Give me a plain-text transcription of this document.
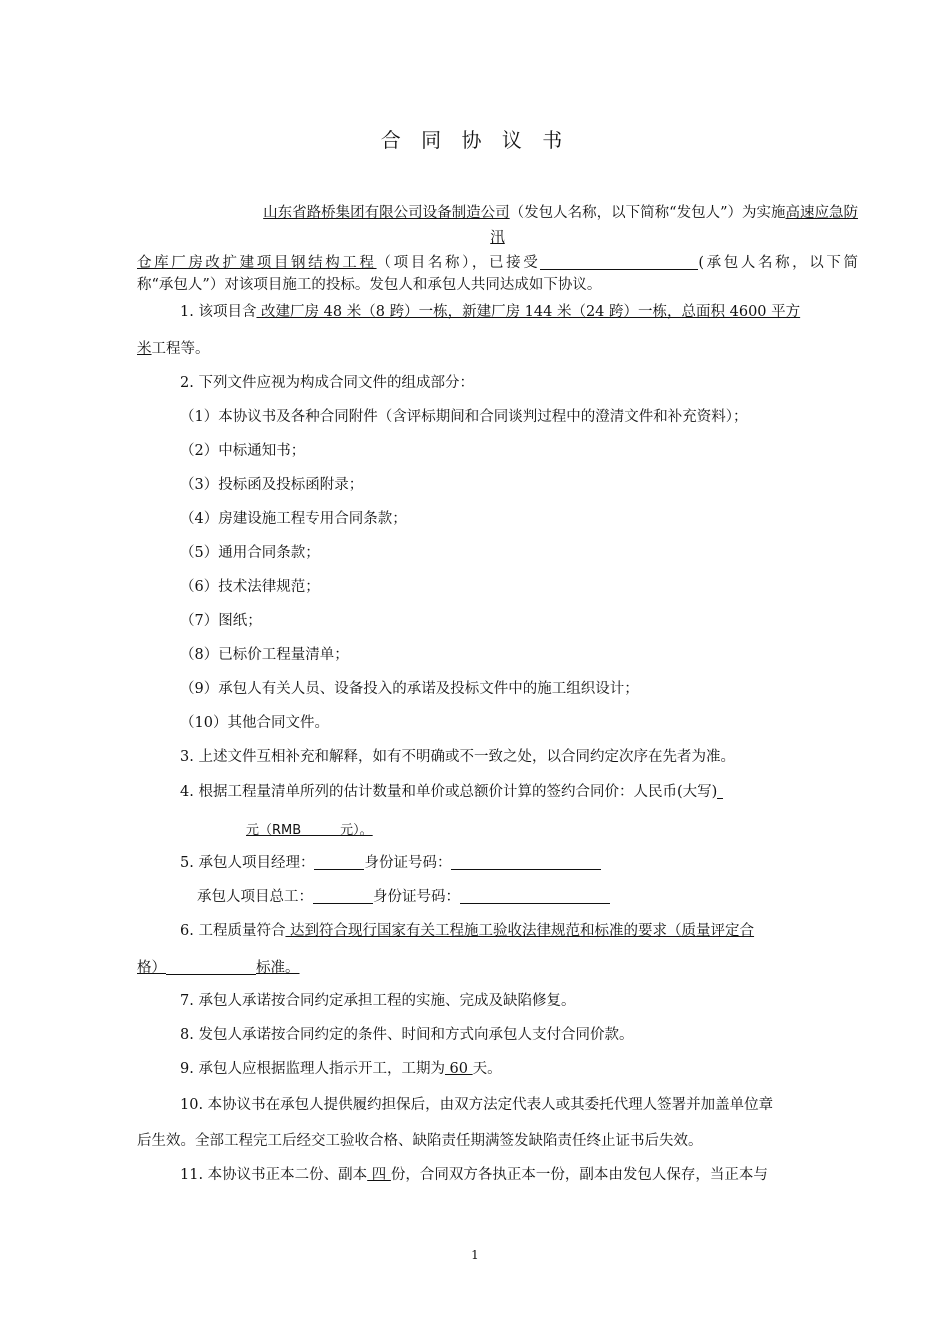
合 同 协 议 书
山东省路桥集团有限公司设备制造公司（发包人名称，以下简称“发包人”）为实施高速应急防
汛
仓库厂房改扩建项目钢结构工程（项目名称），已接受	(承包人名称，以下简
称“承包人”）对该项目施工的投标。发包人和承包人共同达成如下协议。
1. 该项目含 改建厂房 48 米（8 跨）一栋，新建厂房 144 米（24 跨）一栋，总面积 4600 平方
米工程等。
2. 下列文件应视为构成合同文件的组成部分：
（1）本协议书及各种合同附件（含评标期间和合同谈判过程中的澄清文件和补充资料）；
（2）中标通知书；
（3）投标函及投标函附录；
（4）房建设施工程专用合同条款；
（5）通用合同条款；
（6）技术法律规范；
（7）图纸；
（8）已标价工程量清单；
（9）承包人有关人员、设备投入的承诺及投标文件中的施工组织设计；
（10）其他合同文件。
3. 上述文件互相补充和解释，如有不明确或不一致之处，以合同约定次序在先者为准。
4. 根据工程量清单所列的估计数量和单价或总额价计算的签约合同价：人民币(大写)
元（RMB　　　元）。
5. 承包人项目经理：	身份证号码：
承包人项目总工：	身份证号码：
6. 工程质量符合 达到符合现行国家有关工程施工验收法律规范和标准的要求（质量评定合
格）	标准。
7. 承包人承诺按合同约定承担工程的实施、完成及缺陷修复。
8. 发包人承诺按合同约定的条件、时间和方式向承包人支付合同价款。
9. 承包人应根据监理人指示开工，工期为 60 天。
10. 本协议书在承包人提供履约担保后，由双方法定代表人或其委托代理人签署并加盖单位章
后生效。全部工程完工后经交工验收合格、缺陷责任期满签发缺陷责任终止证书后失效。
11. 本协议书正本二份、副本 四 份，合同双方各执正本一份，副本由发包人保存，当正本与
1
